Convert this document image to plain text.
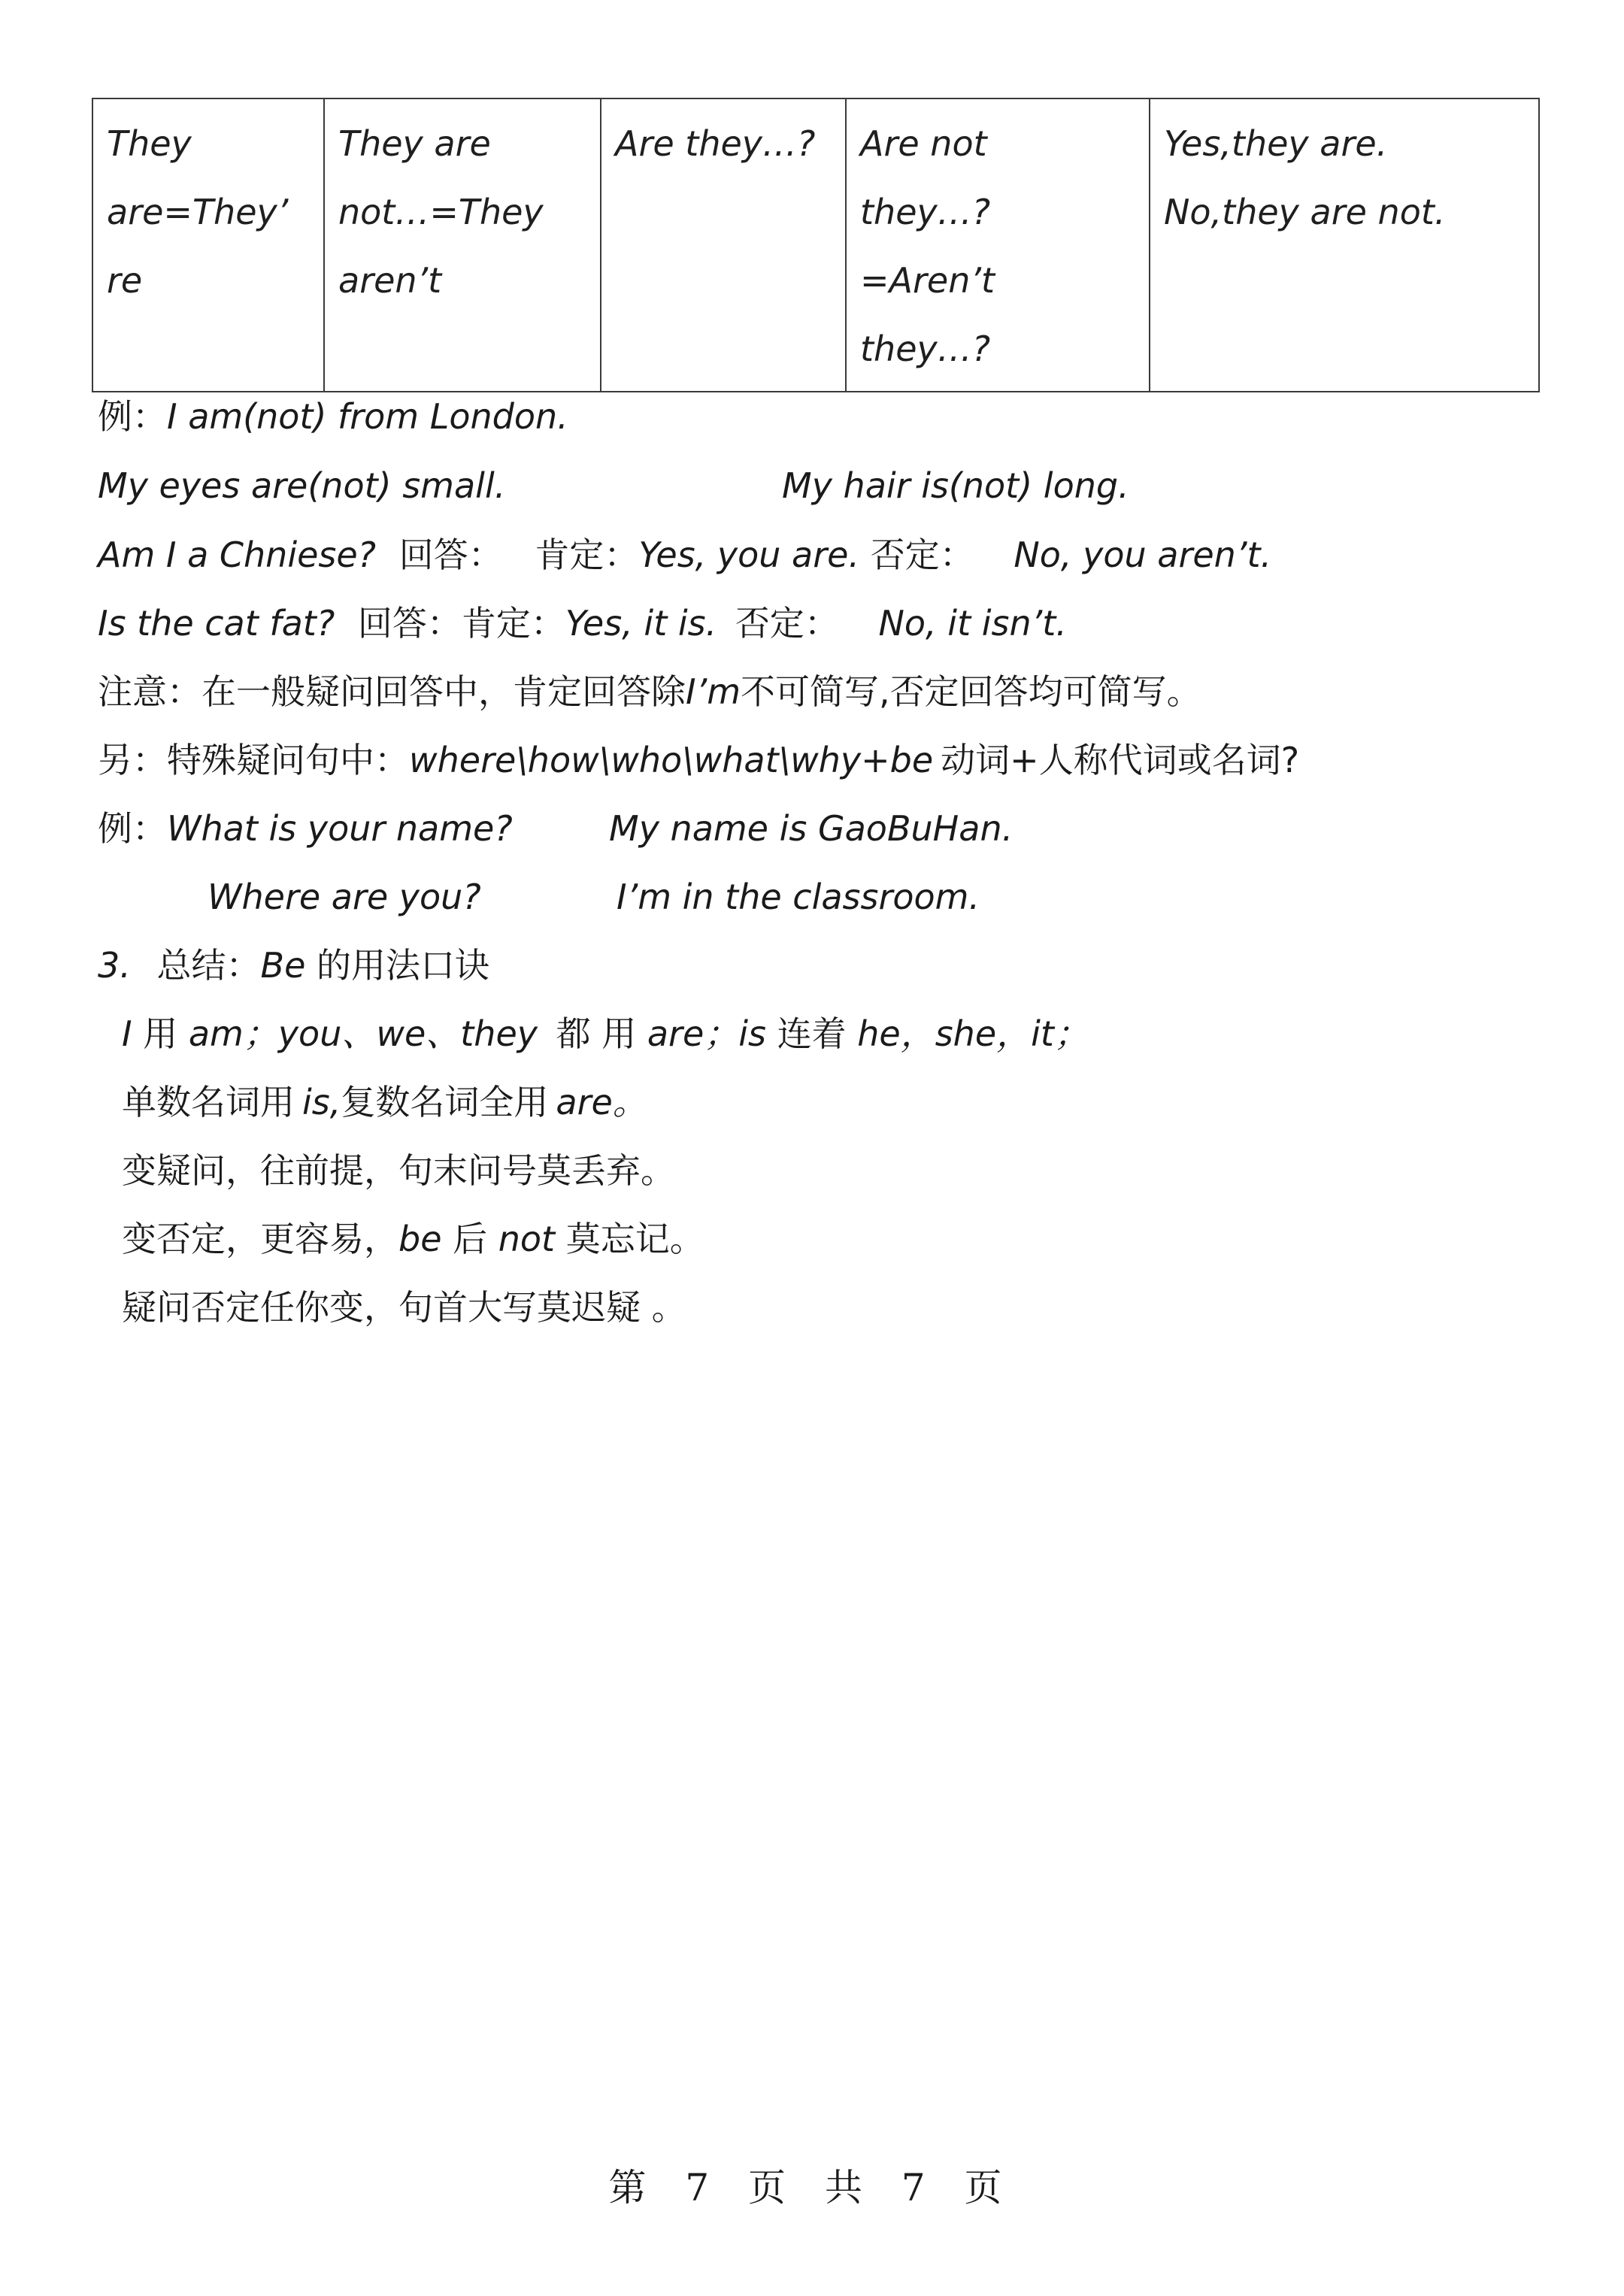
They
are=They’
re	They are
not…=They
aren’t	Are they…?	Are not
they…?
=Aren’t
they…?	Yes,they are.
No,they are not.
例：I am(not) from London.
My eyes are(not) small.	My hair is(not) long.
Am I a Chniese? 回答： 肯定：Yes, you are. 否定： No, you aren’t.
Is the cat fat? 回答：肯定：Yes, it is. 否定： No, it isn’t.
注意：在一般疑问回答中，肯定回答除I’m不可简写,否定回答均可简写。
另：特殊疑问句中：where\how\who\what\why+be 动词+人称代词或名词?
例：What is your name?	My name is GaoBuHan.
Where are you?	I’m in the classroom.
3. 总结：Be 的用法口诀
I 用 am；you、we、they 都 用 are；is 连着 he，she，it；
单数名词用 is,复数名词全用 are。
变疑问，往前提，句末问号莫丢弃。
变否定，更容易，be 后 not 莫忘记。
疑问否定任你变，句首大写莫迟疑 。
第 7 页 共 7 页
